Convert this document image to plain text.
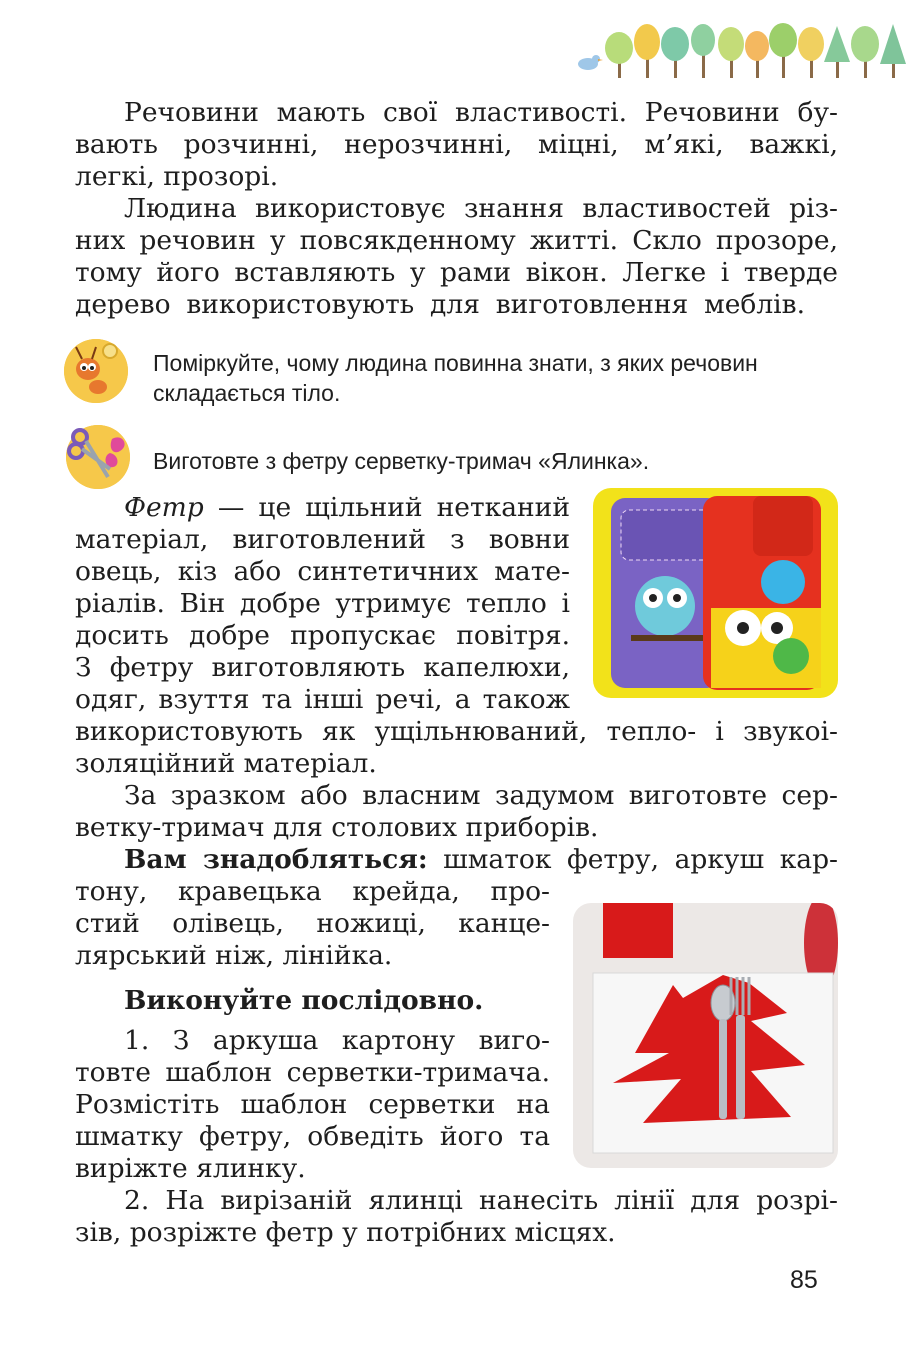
Речовини мають свої властивості. Речовини бу-
вають розчинні, нерозчинні, міцні, м’які, важкі,
легкі, прозорі.
Людина використовує знання властивостей різ-
них речовин у повсякденному житті. Скло прозоре,
тому його вставляють у рами вікон. Легке і тверде
дерево використовують для виготовлення меблів.
Поміркуйте, чому людина повинна знати, з яких речовин
складається тіло.
Виготовте з фетру серветку-тримач «Ялинка».
Фетр — це щільний нетканий
матеріал, виготовлений з вовни
овець, кіз або синтетичних мате-
ріалів. Він добре утримує тепло і
досить добре пропускає повітря.
З фетру виготовляють капелюхи,
одяг, взуття та інші речі, а також
використовують як ущільнюваний, тепло- і звукоі-
золяційний матеріал.
За зразком або власним задумом виготовте сер-
ветку-тримач для столових приборів.
Вам знадобляться: шматок фетру, аркуш кар-
тону, кравецька крейда, про-
стий олівець, ножиці, канце-
лярський ніж, лінійка.
Виконуйте послідовно.
1. З аркуша картону виго-
товте шаблон серветки-тримача.
Розмістіть шаблон серветки на
шматку фетру, обведіть його та
виріжте ялинку.
2. На вирізаній ялинці нанесіть лінії для розрі-
зів, розріжте фетр у потрібних місцях.
85
